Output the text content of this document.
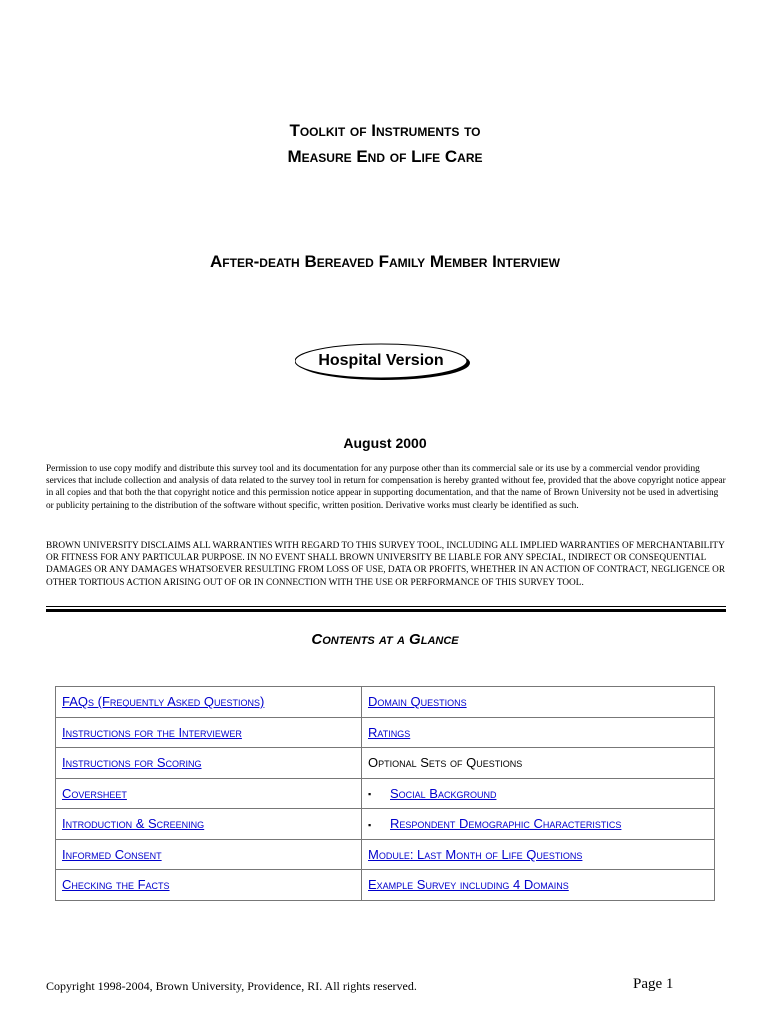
Toolkit of Instruments to
Measure End of Life Care
After-death Bereaved Family Member Interview
Hospital Version
August 2000
Permission to use copy modify and distribute this survey tool and its documentation for any purpose other than its commercial sale or its use by a commercial vendor providing services that include collection and analysis of data related to the survey tool in return for compensation is hereby granted without fee, provided that the above copyright notice appear in all copies and that both the that copyright notice and this permission notice appear in supporting documentation, and that the name of Brown University not be used in advertising or publicity pertaining to the distribution of the software without specific, written position. Derivative works must clearly be identified as such.
BROWN UNIVERSITY DISCLAIMS ALL WARRANTIES WITH REGARD TO THIS SURVEY TOOL, INCLUDING ALL IMPLIED WARRANTIES OF MERCHANTABILITY OR FITNESS FOR ANY PARTICULAR PURPOSE. IN NO EVENT SHALL BROWN UNIVERSITY BE LIABLE FOR ANY SPECIAL, INDIRECT OR CONSEQUENTIAL DAMAGES OR ANY DAMAGES WHATSOEVER RESULTING FROM LOSS OF USE, DATA OR PROFITS, WHETHER IN AN ACTION OF CONTRACT, NEGLIGENCE OR OTHER TORTIOUS ACTION ARISING OUT OF OR IN CONNECTION WITH THE USE OR PERFORMANCE OF THIS SURVEY TOOL.
Contents at a Glance
FAQs (Frequently Asked Questions)	Domain Questions
Instructions for the Interviewer	Ratings
Instructions for Scoring	Optional Sets of Questions
Coversheet	▪ Social Background
Introduction & Screening	▪ Respondent Demographic Characteristics
Informed Consent	Module: Last Month of Life Questions
Checking the Facts	Example Survey including 4 Domains
Copyright 1998-2004, Brown University, Providence, RI. All rights reserved.	Page 1
